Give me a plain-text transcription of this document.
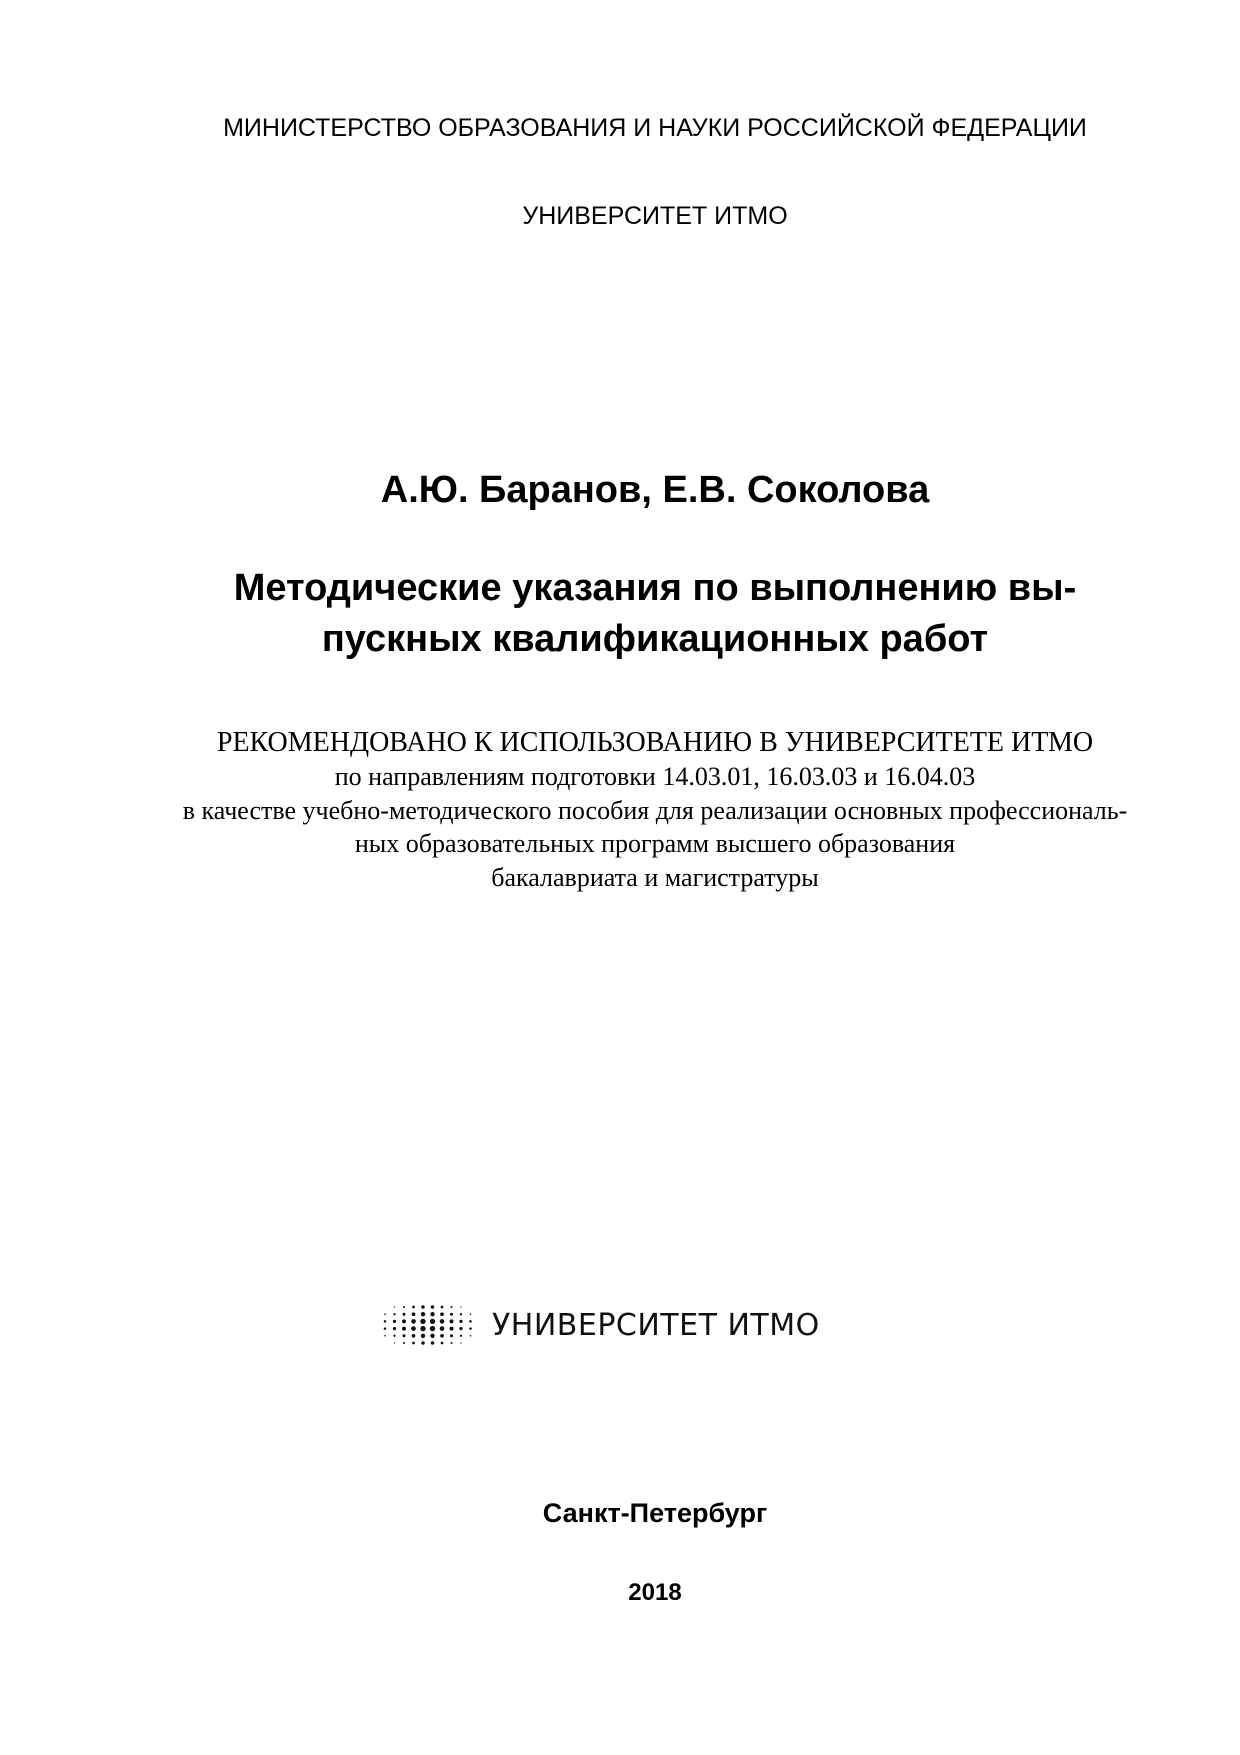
МИНИСТЕРСТВО ОБРАЗОВАНИЯ И НАУКИ РОССИЙСКОЙ ФЕДЕРАЦИИ
УНИВЕРСИТЕТ ИТМО
А.Ю. Баранов, Е.В. Соколова
Методические указания по выполнению вы-
пускных квалификационных работ
РЕКОМЕНДОВАНО К ИСПОЛЬЗОВАНИЮ В УНИВЕРСИТЕТЕ ИТМО
по направлениям подготовки 14.03.01, 16.03.03 и 16.04.03
в качестве учебно-методического пособия для реализации основных профессиональ-
ных образовательных программ высшего образования
бакалавриата и магистратуры
УНИВЕРСИТЕТ ИТМО
Санкт-Петербург
2018
